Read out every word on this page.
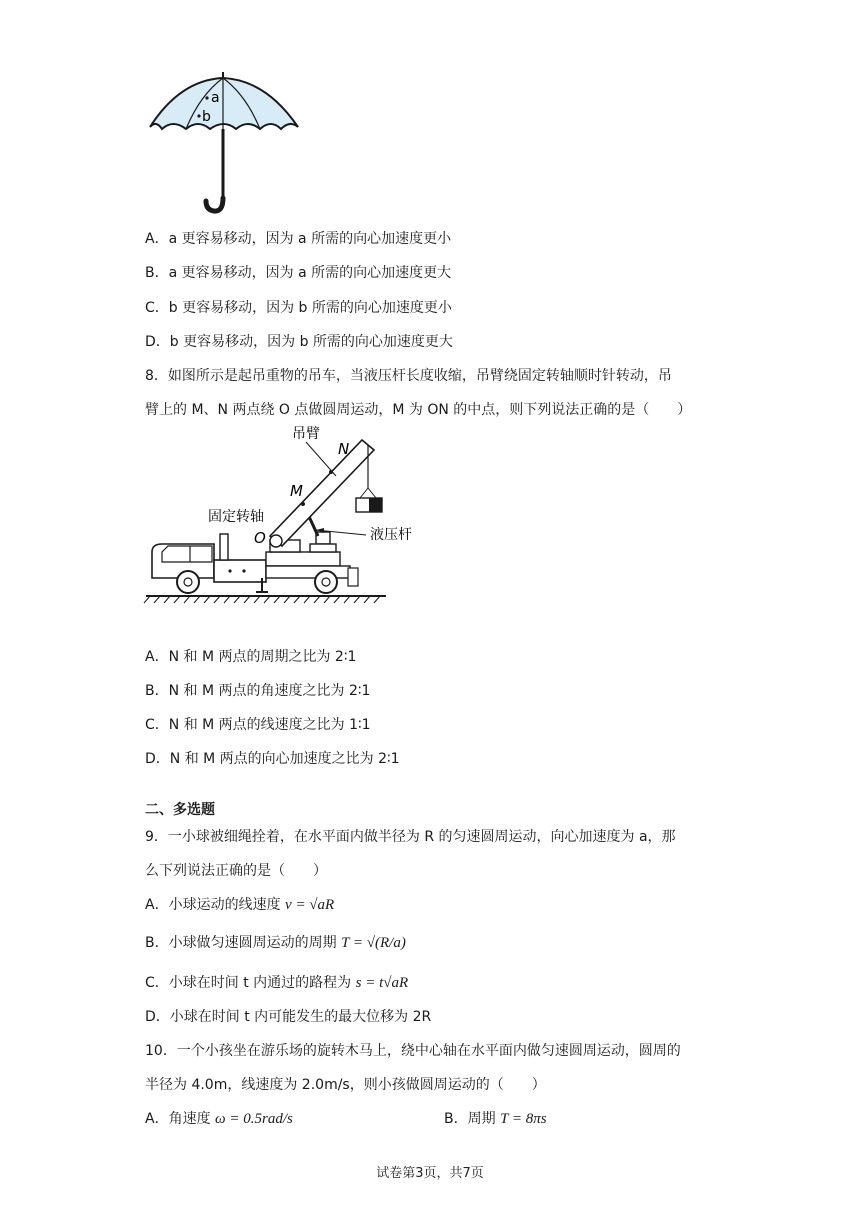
a
b
A．a 更容易移动，因为 a 所需的向心加速度更小
B．a 更容易移动，因为 a 所需的向心加速度更大
C．b 更容易移动，因为 b 所需的向心加速度更小
D．b 更容易移动，因为 b 所需的向心加速度更大
8．如图所示是起吊重物的吊车，当液压杆长度收缩，吊臂绕固定转轴顺时针转动，吊
臂上的 M、N 两点绕 O 点做圆周运动，M 为 ON 的中点，则下列说法正确的是（　　）
吊臂
N
M
固定转轴
O	液压杆
A．N 和 M 两点的周期之比为 2∶1
B．N 和 M 两点的角速度之比为 2∶1
C．N 和 M 两点的线速度之比为 1∶1
D．N 和 M 两点的向心加速度之比为 2∶1
二、多选题
9．一小球被细绳拴着，在水平面内做半径为 R 的匀速圆周运动，向心加速度为 a，那
么下列说法正确的是（　　）
A．小球运动的线速度 v = √aR
B．小球做匀速圆周运动的周期 T = √(R/a)
C．小球在时间 t 内通过的路程为 s = t√aR
D．小球在时间 t 内可能发生的最大位移为 2R
10．一个小孩坐在游乐场的旋转木马上，绕中心轴在水平面内做匀速圆周运动，圆周的
半径为 4.0m，线速度为 2.0m/s，则小孩做圆周运动的（　　）
A．角速度 ω = 0.5rad/s	B．周期 T = 8πs
试卷第3页，共7页
